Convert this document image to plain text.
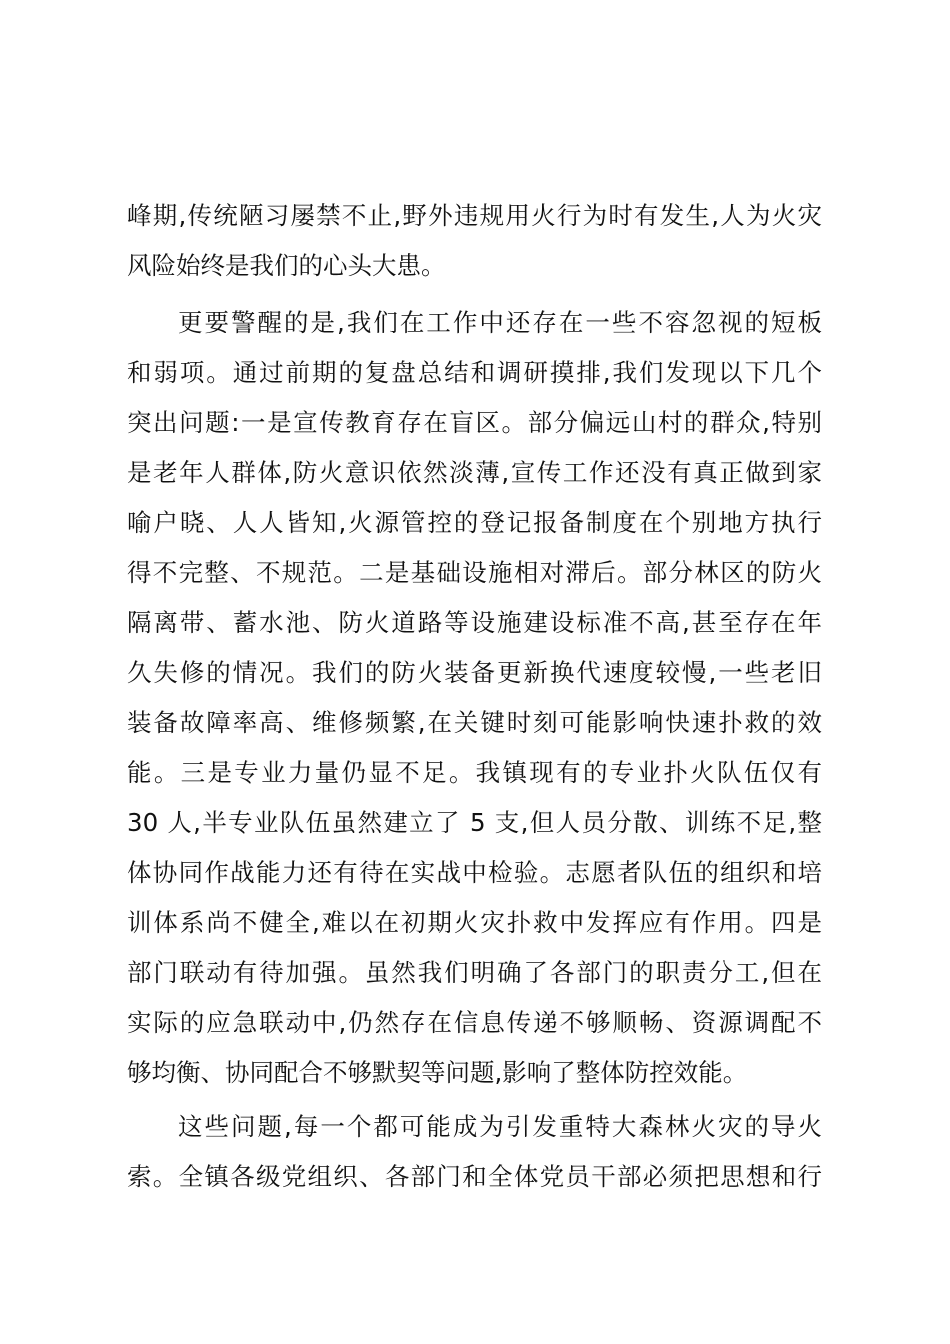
峰期,传统陋习屡禁不止,野外违规用火行为时有发生,人为火灾
风险始终是我们的心头大患。
更要警醒的是,我们在工作中还存在一些不容忽视的短板
和弱项。通过前期的复盘总结和调研摸排,我们发现以下几个
突出问题:一是宣传教育存在盲区。部分偏远山村的群众,特别
是老年人群体,防火意识依然淡薄,宣传工作还没有真正做到家
喻户晓、人人皆知,火源管控的登记报备制度在个别地方执行
得不完整、不规范。二是基础设施相对滞后。部分林区的防火
隔离带、蓄水池、防火道路等设施建设标准不高,甚至存在年
久失修的情况。我们的防火装备更新换代速度较慢,一些老旧
装备故障率高、维修频繁,在关键时刻可能影响快速扑救的效
能。三是专业力量仍显不足。我镇现有的专业扑火队伍仅有
30 人,半专业队伍虽然建立了 5 支,但人员分散、训练不足,整
体协同作战能力还有待在实战中检验。志愿者队伍的组织和培
训体系尚不健全,难以在初期火灾扑救中发挥应有作用。四是
部门联动有待加强。虽然我们明确了各部门的职责分工,但在
实际的应急联动中,仍然存在信息传递不够顺畅、资源调配不
够均衡、协同配合不够默契等问题,影响了整体防控效能。
这些问题,每一个都可能成为引发重特大森林火灾的导火
索。全镇各级党组织、各部门和全体党员干部必须把思想和行
